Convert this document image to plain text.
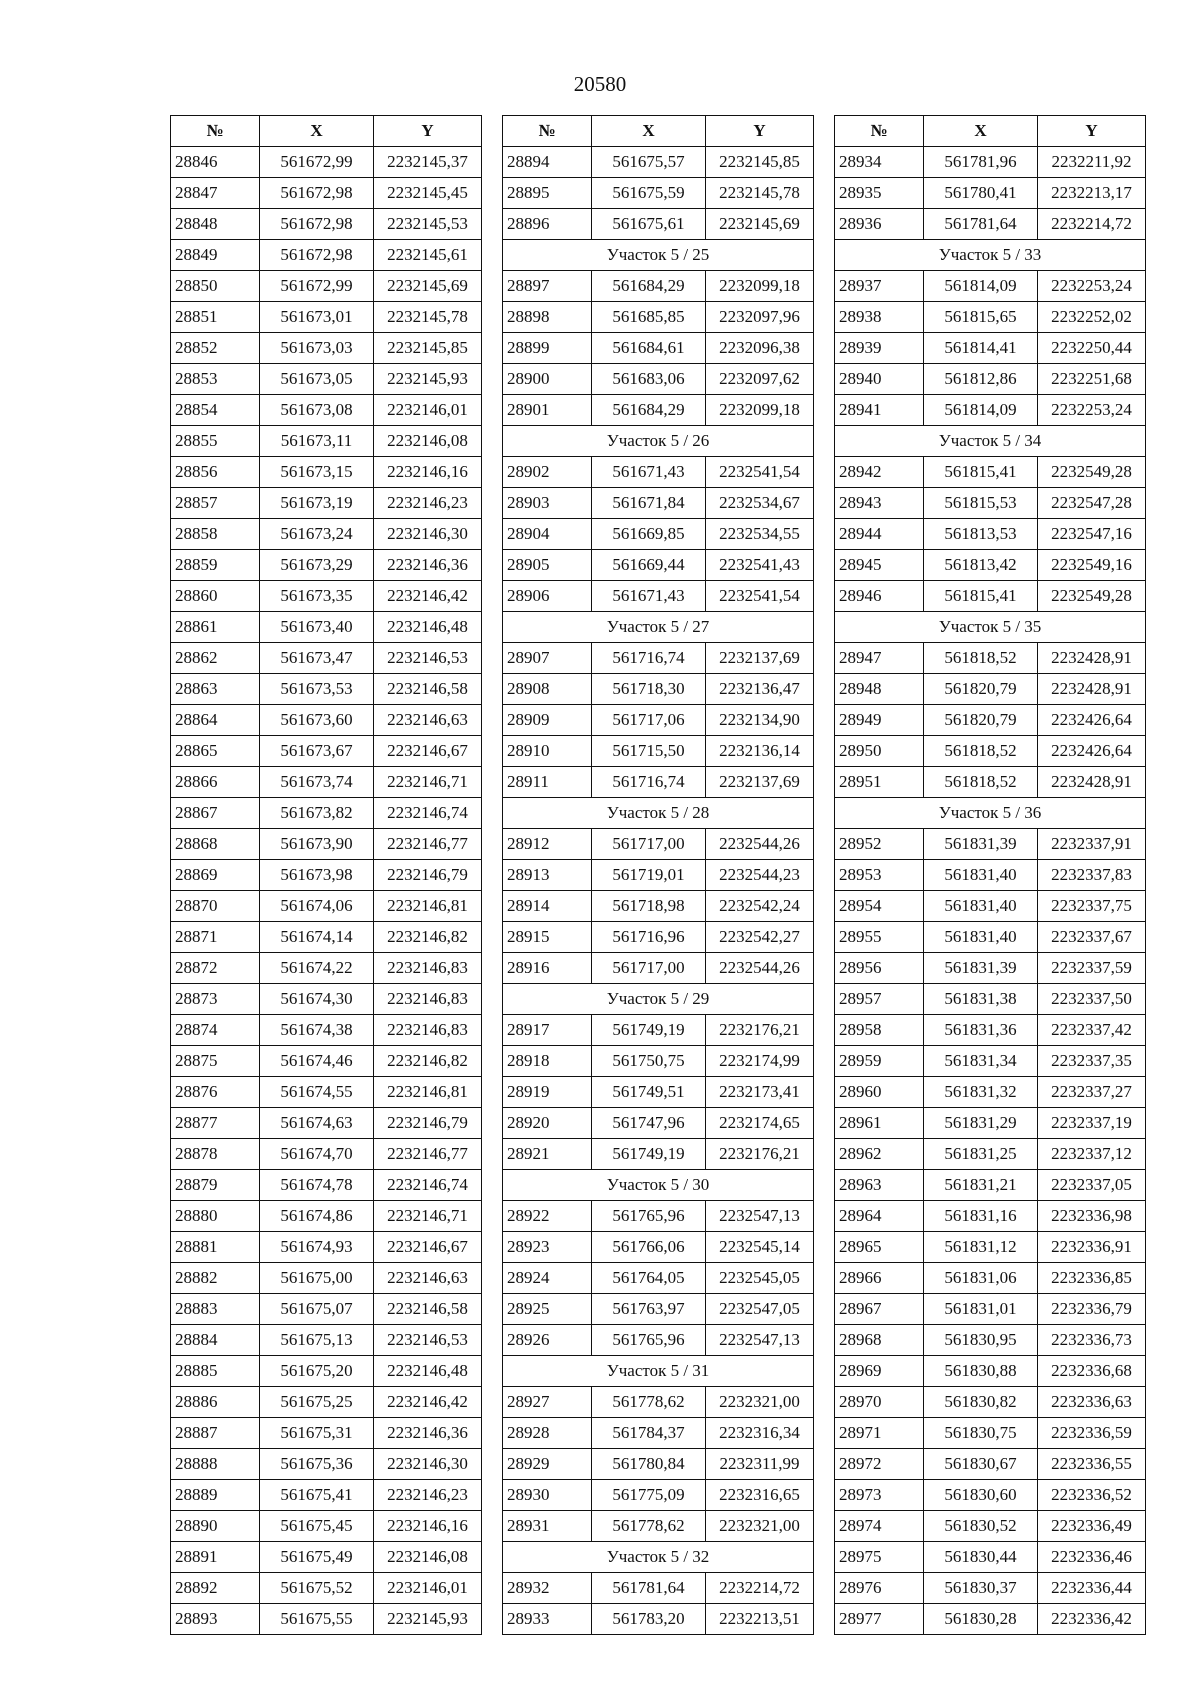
20580
№	X	Y
28846	561672,99	2232145,37
28847	561672,98	2232145,45
28848	561672,98	2232145,53
28849	561672,98	2232145,61
28850	561672,99	2232145,69
28851	561673,01	2232145,78
28852	561673,03	2232145,85
28853	561673,05	2232145,93
28854	561673,08	2232146,01
28855	561673,11	2232146,08
28856	561673,15	2232146,16
28857	561673,19	2232146,23
28858	561673,24	2232146,30
28859	561673,29	2232146,36
28860	561673,35	2232146,42
28861	561673,40	2232146,48
28862	561673,47	2232146,53
28863	561673,53	2232146,58
28864	561673,60	2232146,63
28865	561673,67	2232146,67
28866	561673,74	2232146,71
28867	561673,82	2232146,74
28868	561673,90	2232146,77
28869	561673,98	2232146,79
28870	561674,06	2232146,81
28871	561674,14	2232146,82
28872	561674,22	2232146,83
28873	561674,30	2232146,83
28874	561674,38	2232146,83
28875	561674,46	2232146,82
28876	561674,55	2232146,81
28877	561674,63	2232146,79
28878	561674,70	2232146,77
28879	561674,78	2232146,74
28880	561674,86	2232146,71
28881	561674,93	2232146,67
28882	561675,00	2232146,63
28883	561675,07	2232146,58
28884	561675,13	2232146,53
28885	561675,20	2232146,48
28886	561675,25	2232146,42
28887	561675,31	2232146,36
28888	561675,36	2232146,30
28889	561675,41	2232146,23
28890	561675,45	2232146,16
28891	561675,49	2232146,08
28892	561675,52	2232146,01
28893	561675,55	2232145,93
№	X	Y
28894	561675,57	2232145,85
28895	561675,59	2232145,78
28896	561675,61	2232145,69
Участок 5 / 25		
28897	561684,29	2232099,18
28898	561685,85	2232097,96
28899	561684,61	2232096,38
28900	561683,06	2232097,62
28901	561684,29	2232099,18
Участок 5 / 26		
28902	561671,43	2232541,54
28903	561671,84	2232534,67
28904	561669,85	2232534,55
28905	561669,44	2232541,43
28906	561671,43	2232541,54
Участок 5 / 27		
28907	561716,74	2232137,69
28908	561718,30	2232136,47
28909	561717,06	2232134,90
28910	561715,50	2232136,14
28911	561716,74	2232137,69
Участок 5 / 28		
28912	561717,00	2232544,26
28913	561719,01	2232544,23
28914	561718,98	2232542,24
28915	561716,96	2232542,27
28916	561717,00	2232544,26
Участок 5 / 29		
28917	561749,19	2232176,21
28918	561750,75	2232174,99
28919	561749,51	2232173,41
28920	561747,96	2232174,65
28921	561749,19	2232176,21
Участок 5 / 30		
28922	561765,96	2232547,13
28923	561766,06	2232545,14
28924	561764,05	2232545,05
28925	561763,97	2232547,05
28926	561765,96	2232547,13
Участок 5 / 31		
28927	561778,62	2232321,00
28928	561784,37	2232316,34
28929	561780,84	2232311,99
28930	561775,09	2232316,65
28931	561778,62	2232321,00
Участок 5 / 32		
28932	561781,64	2232214,72
28933	561783,20	2232213,51
№	X	Y
28934	561781,96	2232211,92
28935	561780,41	2232213,17
28936	561781,64	2232214,72
Участок 5 / 33		
28937	561814,09	2232253,24
28938	561815,65	2232252,02
28939	561814,41	2232250,44
28940	561812,86	2232251,68
28941	561814,09	2232253,24
Участок 5 / 34		
28942	561815,41	2232549,28
28943	561815,53	2232547,28
28944	561813,53	2232547,16
28945	561813,42	2232549,16
28946	561815,41	2232549,28
Участок 5 / 35		
28947	561818,52	2232428,91
28948	561820,79	2232428,91
28949	561820,79	2232426,64
28950	561818,52	2232426,64
28951	561818,52	2232428,91
Участок 5 / 36		
28952	561831,39	2232337,91
28953	561831,40	2232337,83
28954	561831,40	2232337,75
28955	561831,40	2232337,67
28956	561831,39	2232337,59
28957	561831,38	2232337,50
28958	561831,36	2232337,42
28959	561831,34	2232337,35
28960	561831,32	2232337,27
28961	561831,29	2232337,19
28962	561831,25	2232337,12
28963	561831,21	2232337,05
28964	561831,16	2232336,98
28965	561831,12	2232336,91
28966	561831,06	2232336,85
28967	561831,01	2232336,79
28968	561830,95	2232336,73
28969	561830,88	2232336,68
28970	561830,82	2232336,63
28971	561830,75	2232336,59
28972	561830,67	2232336,55
28973	561830,60	2232336,52
28974	561830,52	2232336,49
28975	561830,44	2232336,46
28976	561830,37	2232336,44
28977	561830,28	2232336,42
